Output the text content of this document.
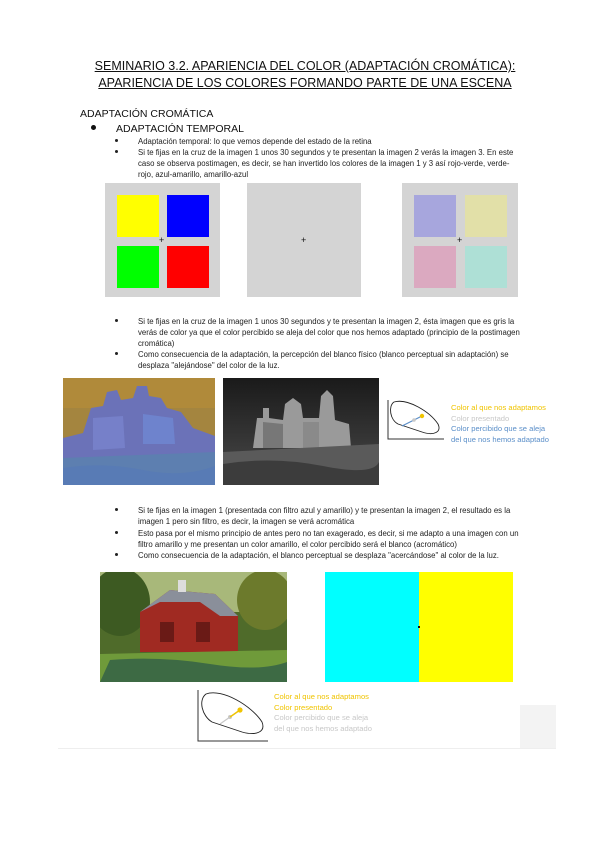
SEMINARIO 3.2. APARIENCIA DEL COLOR (ADAPTACIÓN CROMÁTICA):
APARIENCIA DE LOS COLORES FORMANDO PARTE DE UNA ESCENA
ADAPTACIÓN CROMÁTICA
ADAPTACIÓN TEMPORAL
Adaptación temporal: lo que vemos depende del estado de la retina
Si te fijas en la cruz de la imagen 1 unos 30 segundos y te presentan la imagen 2 verás la imagen 3. En este caso se observa postimagen, es decir, se han invertido los colores de la imagen 1 y 3 así rojo-verde, verde-rojo, azul-amarillo, amarillo-azul
+	+	+
Si te fijas en la cruz de la imagen 1 unos 30 segundos y te presentan la imagen 2, ésta imagen que es gris la verás de color ya que el color percibido se aleja del color que nos hemos adaptado (principio de la postimagen cromática)
Como consecuencia de la adaptación, la percepción del blanco físico (blanco perceptual sin adaptación) se desplaza "alejándose" del color de la luz.
Color al que nos adaptamos
Color presentado
Color percibido que se aleja
del que nos hemos adaptado
Si te fijas en la imagen 1 (presentada con filtro azul y amarillo) y te presentan la imagen 2, el resultado es la imagen 1 pero sin filtro, es decir, la imagen se verá acromática
Esto pasa por el mismo principio de antes pero no tan exagerado, es decir, si me adapto a una imagen con un filtro amarillo y me presentan un color amarillo, el color percibido será el blanco (acromático)
Como consecuencia de la adaptación, el blanco perceptual se desplaza "acercándose" al color de la luz.
Color al que nos adaptamos
Color presentado
Color percibido que se aleja
del que nos hemos adaptado
